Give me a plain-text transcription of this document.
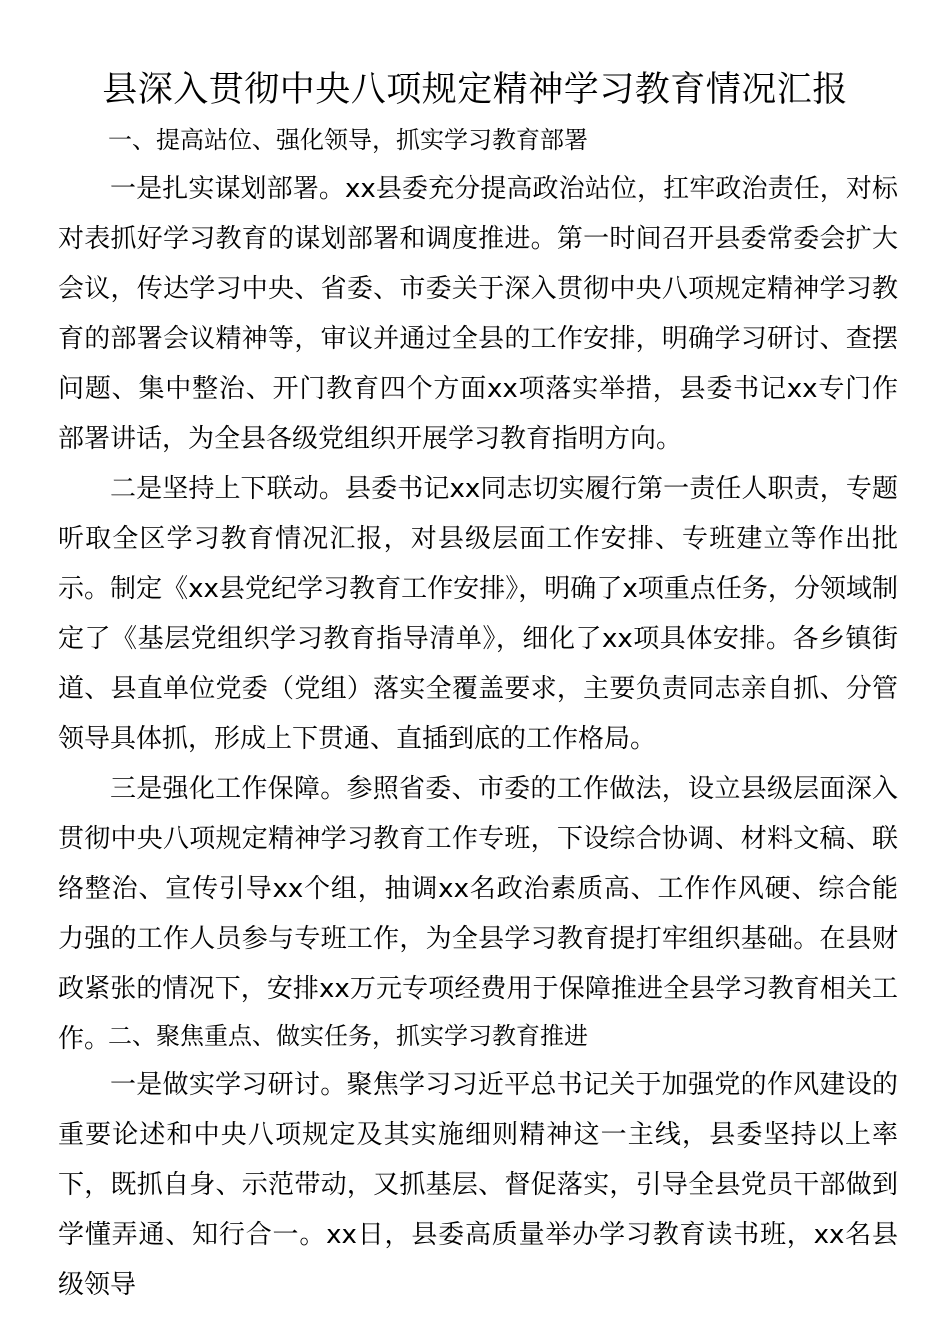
县深入贯彻中央八项规定精神学习教育情况汇报

一、提高站位、强化领导，抓实学习教育部署

一是扎实谋划部署。xx县委充分提高政治站位，扛牢政治责任，对标对表抓好学习教育的谋划部署和调度推进。第一时间召开县委常委会扩大会议，传达学习中央、省委、市委关于深入贯彻中央八项规定精神学习教育的部署会议精神等，审议并通过全县的工作安排，明确学习研讨、查摆问题、集中整治、开门教育四个方面xx项落实举措，县委书记xx专门作部署讲话，为全县各级党组织开展学习教育指明方向。

二是坚持上下联动。县委书记xx同志切实履行第一责任人职责，专题听取全区学习教育情况汇报，对县级层面工作安排、专班建立等作出批示。制定《xx县党纪学习教育工作安排》，明确了x项重点任务，分领域制定了《基层党组织学习教育指导清单》，细化了xx项具体安排。各乡镇街道、县直单位党委（党组）落实全覆盖要求，主要负责同志亲自抓、分管领导具体抓，形成上下贯通、直插到底的工作格局。

三是强化工作保障。参照省委、市委的工作做法，设立县级层面深入贯彻中央八项规定精神学习教育工作专班，下设综合协调、材料文稿、联络整治、宣传引导xx个组，抽调xx名政治素质高、工作作风硬、综合能力强的工作人员参与专班工作，为全县学习教育提打牢组织基础。在县财政紧张的情况下，安排xx万元专项经费用于保障推进全县学习教育相关工作。

二、聚焦重点、做实任务，抓实学习教育推进

一是做实学习研讨。聚焦学习习近平总书记关于加强党的作风建设的重要论述和中央八项规定及其实施细则精神这一主线，县委坚持以上率下，既抓自身、示范带动，又抓基层、督促落实，引导全县党员干部做到学懂弄通、知行合一。xx日，县委高质量举办学习教育读书班，xx名县级领导
